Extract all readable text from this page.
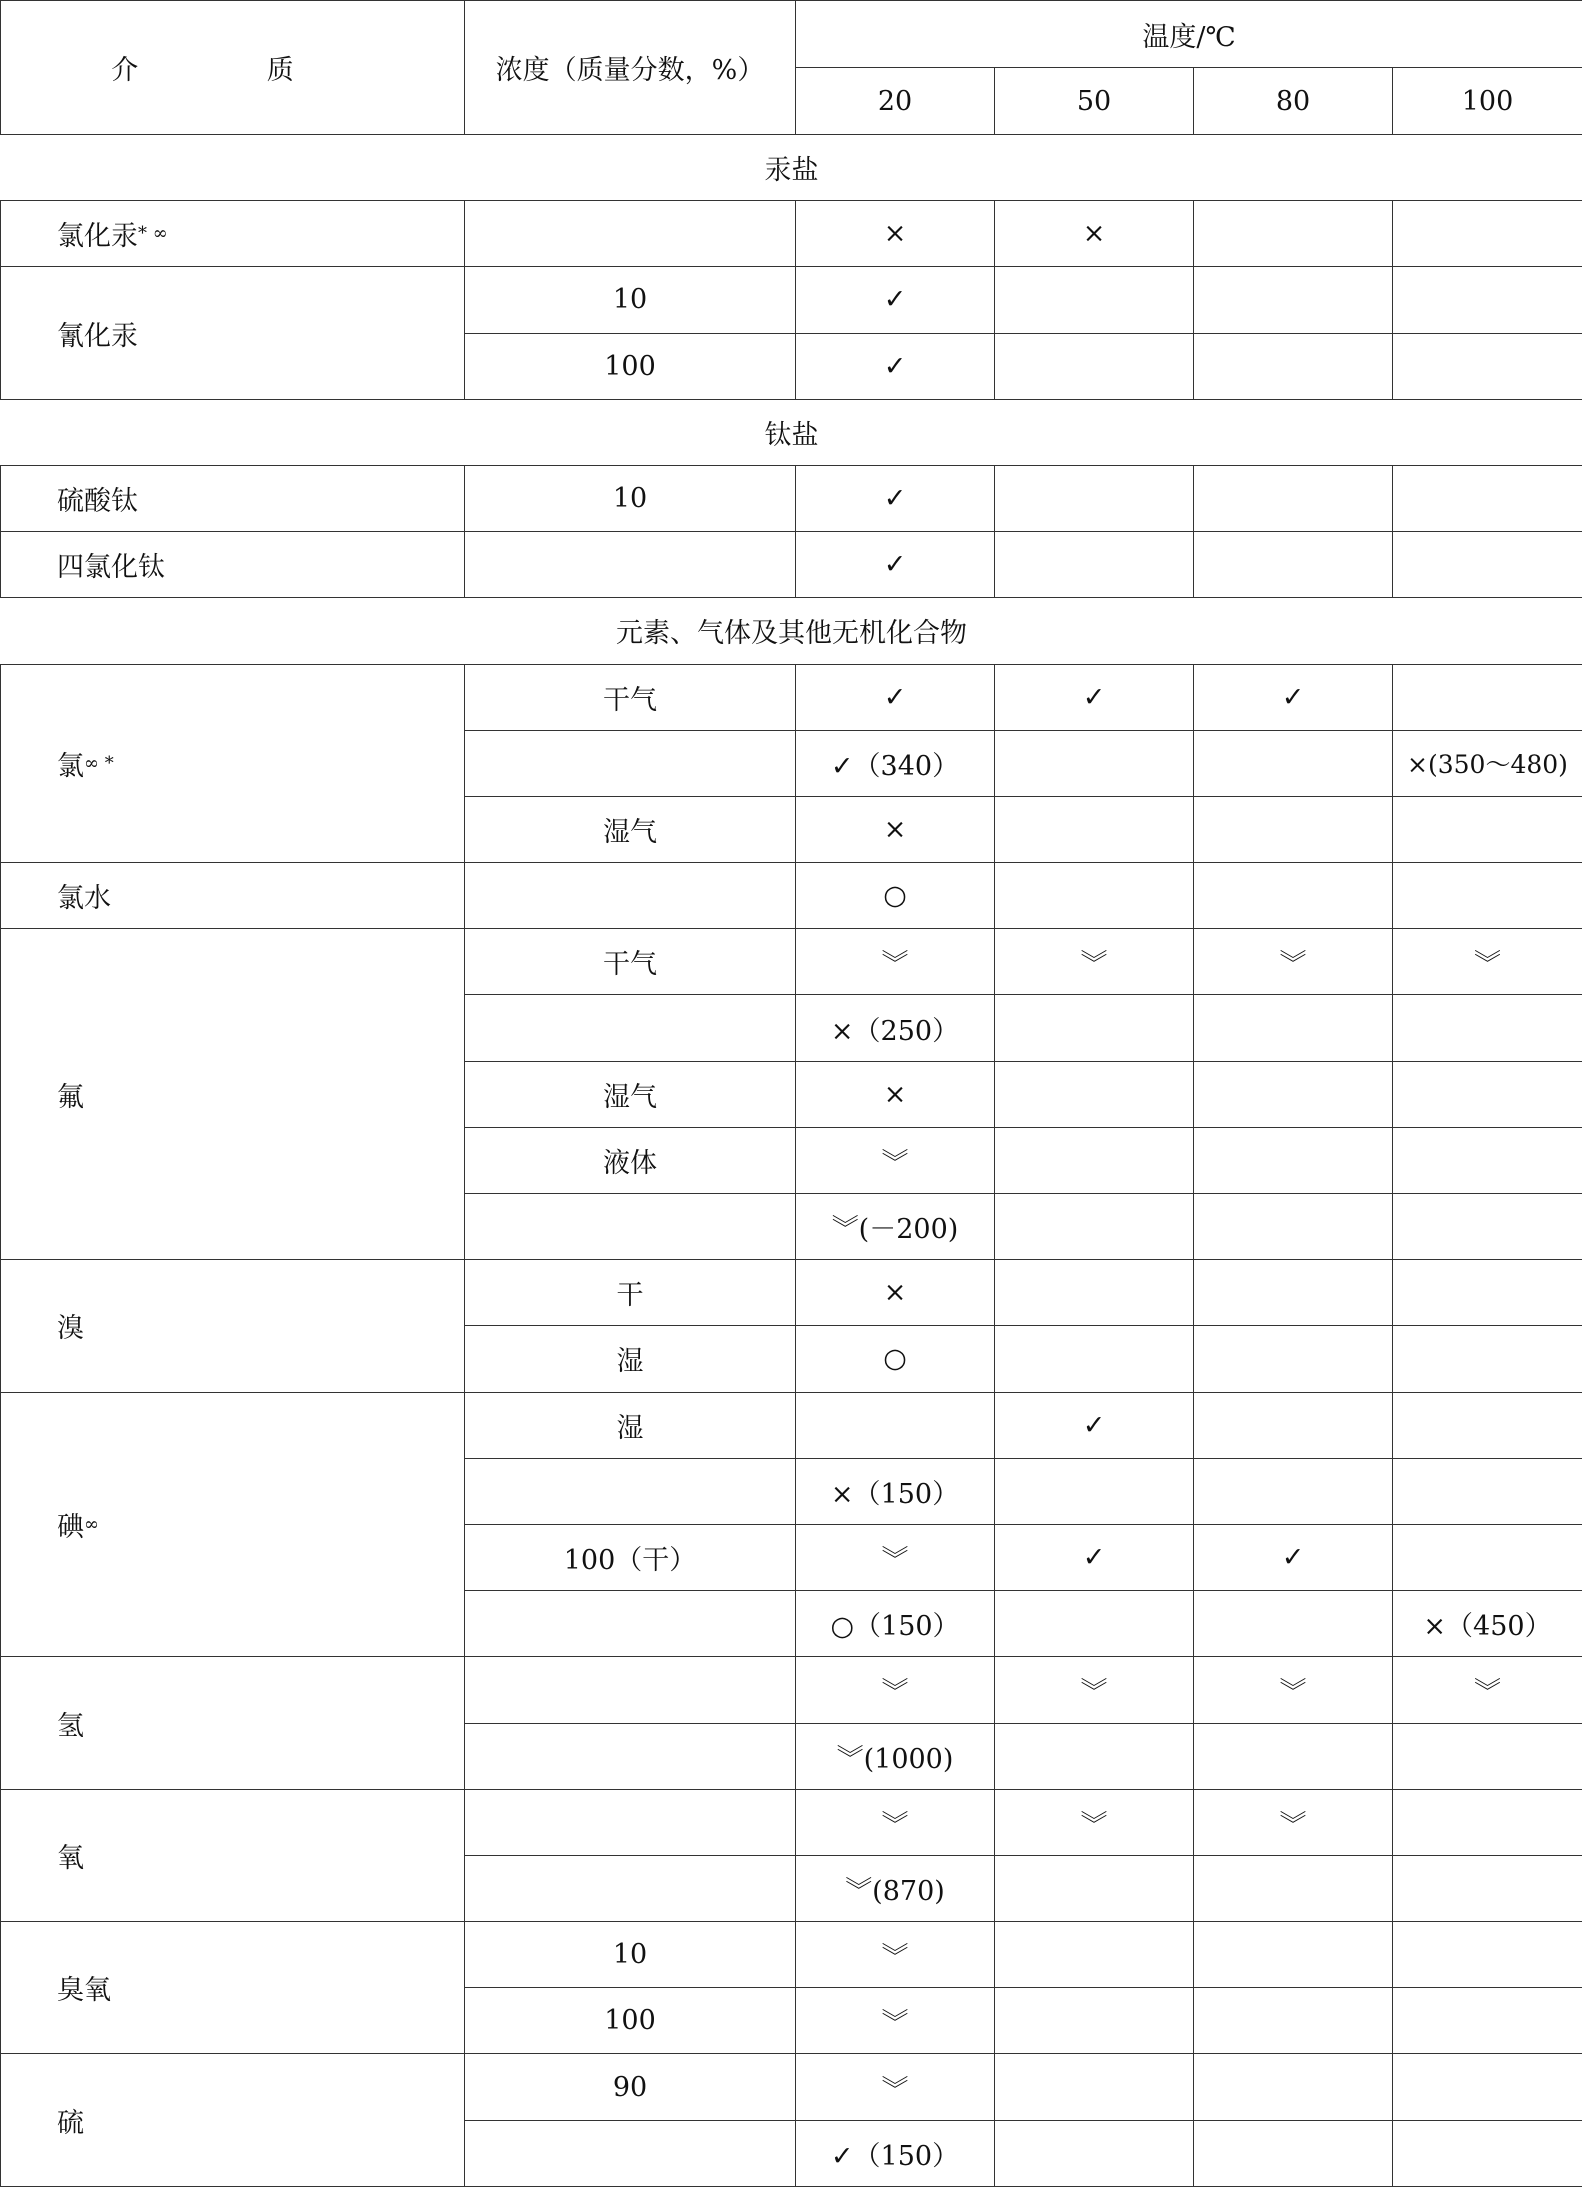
介 质	浓度（质量分数，%）	温度/℃			
		20	50	80	100
汞盐					
氯化汞* ∞		×	×		
氰化汞	10	✓			
	100	✓			
钛盐					
硫酸钛	10	✓			
四氯化钛		✓			
元素、气体及其他无机化合物					
氯∞ *	干气	✓	✓	✓	
		✓（340）			×(350～480)
	湿气	×			
氯水		○			
氟	干气	︾	︾	︾	︾
		×（250）			
	湿气	×			
	液体	︾			
		︾(－200)			
溴	干	×			
	湿	○			
碘∞	湿		✓		
		×（150）			
	100（干）	︾	✓	✓	
		○（150）			×（450）
氢		︾	︾	︾	︾
		︾(1000)			
氧		︾	︾	︾	
		︾(870)			
臭氧	10	︾			
	100	︾			
硫	90	︾			
		✓（150）			
